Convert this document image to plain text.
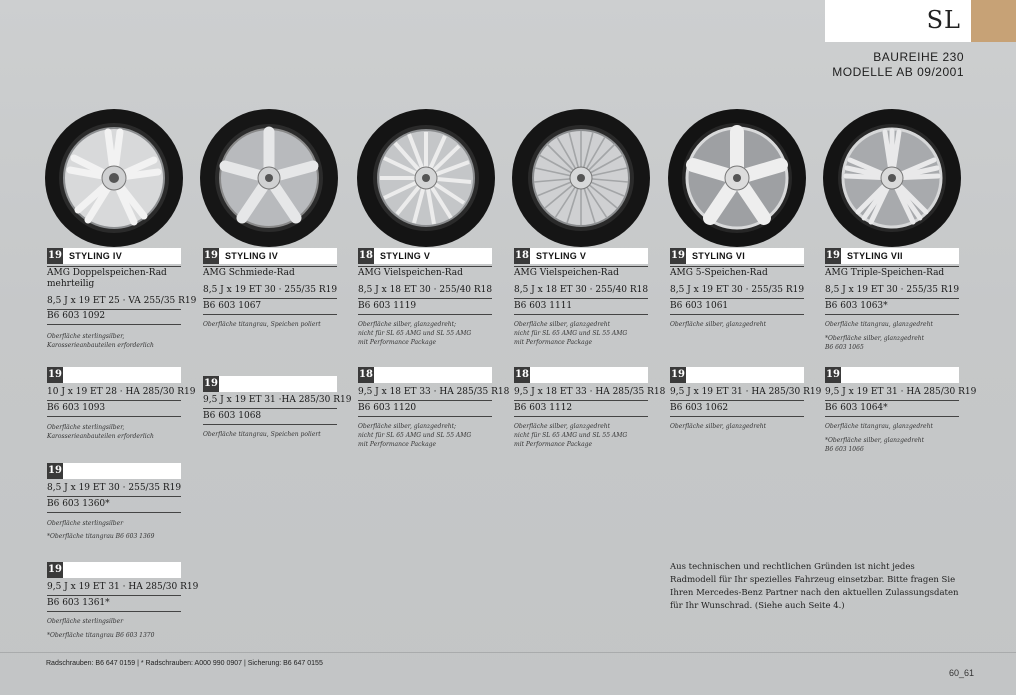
SL
BAUREIHE 230
MODELLE AB 09/2001
19 STYLING IV
AMG Doppelspeichen-Rad mehrteilig
8,5 J x 19 ET 25 · VA 255/35 R19
B6 603 1092
Oberfläche sterlingsilber,
Karosserieanbauteilen erforderlich
19
10 J x 19 ET 28 · HA 285/30 R19
B6 603 1093
Oberfläche sterlingsilber,
Karosserieanbauteilen erforderlich
19
8,5 J x 19 ET 30 · 255/35 R19
B6 603 1360*
Oberfläche sterlingsilber
*Oberfläche titangrau B6 603 1369
19
9,5 J x 19 ET 31 · HA 285/30 R19
B6 603 1361*
Oberfläche sterlingsilber
*Oberfläche titangrau B6 603 1370
19 STYLING IV
AMG Schmiede-Rad
8,5 J x 19 ET 30 · 255/35 R19
B6 603 1067
Oberfläche titangrau, Speichen poliert
19
9,5 J x 19 ET 31 ·HA 285/30 R19
B6 603 1068
Oberfläche titangrau, Speichen poliert
18 STYLING V
AMG Vielspeichen-Rad
8,5 J x 18 ET 30 · 255/40 R18
B6 603 1119
Oberfläche silber, glanzgedreht;
nicht für SL 65 AMG und SL 55 AMG
mit Performance Package
18
9,5 J x 18 ET 33 · HA 285/35 R18
B6 603 1120
Oberfläche silber, glanzgedreht;
nicht für SL 65 AMG und SL 55 AMG
mit Performance Package
18 STYLING V
AMG Vielspeichen-Rad
8,5 J x 18 ET 30 · 255/40 R18
B6 603 1111
Oberfläche silber, glanzgedreht
nicht für SL 65 AMG und SL 55 AMG
mit Performance Package
18
9,5 J x 18 ET 33 · HA 285/35 R18
B6 603 1112
Oberfläche silber, glanzgedreht
nicht für SL 65 AMG und SL 55 AMG
mit Performance Package
19 STYLING VI
AMG 5-Speichen-Rad
8,5 J x 19 ET 30 · 255/35 R19
B6 603 1061
Oberfläche silber, glanzgedreht
19
9,5 J x 19 ET 31 · HA 285/30 R19
B6 603 1062
Oberfläche silber, glanzgedreht
19 STYLING VII
AMG Triple-Speichen-Rad
8,5 J x 19 ET 30 · 255/35 R19
B6 603 1063*
Oberfläche titangrau, glanzgedreht
*Oberfläche silber, glanzgedreht
B6 603 1065
19
9,5 J x 19 ET 31 · HA 285/30 R19
B6 603 1064*
Oberfläche titangrau, glanzgedreht
*Oberfläche silber, glanzgedreht
B6 603 1066
Aus technischen und rechtlichen Gründen ist nicht jedes Radmodell für Ihr spezielles Fahrzeug einsetzbar. Bitte fragen Sie Ihren Mercedes-Benz Partner nach den aktuellen Zulassungsdaten für Ihr Wunschrad. (Siehe auch Seite 4.)
Radschrauben: B6 647 0159 | * Radschrauben: A000 990 0907 | Sicherung: B6 647 0155
60_61
